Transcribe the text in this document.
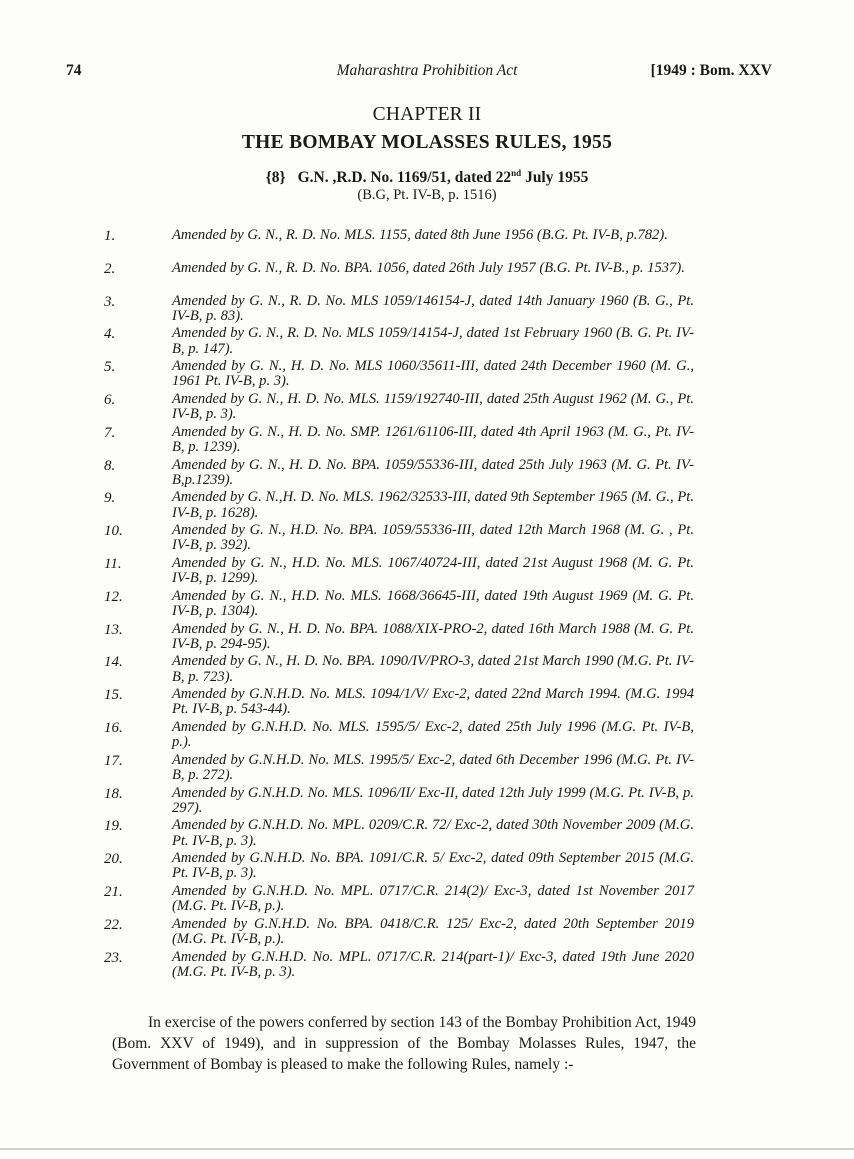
74	Maharashtra Prohibition Act	[1949 : Bom. XXV
CHAPTER II
THE BOMBAY MOLASSES RULES, 1955
{8} G.N. ,R.D. No. 1169/51, dated 22nd July 1955
(B.G, Pt. IV-B, p. 1516)
1.	Amended by G. N., R. D. No. MLS. 1155, dated 8th June 1956 (B.G. Pt. IV-B, p.782).
2.	Amended by G. N., R. D. No. BPA. 1056, dated 26th July 1957 (B.G. Pt. IV-B., p. 1537).
3.	Amended by G. N., R. D. No. MLS 1059/146154-J, dated 14th January 1960 (B. G., Pt. IV-B, p. 83).
4.	Amended by G. N., R. D. No. MLS 1059/14154-J, dated 1st February 1960 (B. G. Pt. IV-B, p. 147).
5.	Amended by G. N., H. D. No. MLS 1060/35611-III, dated 24th December 1960 (M. G., 1961 Pt. IV-B, p. 3).
6.	Amended by G. N., H. D. No. MLS. 1159/192740-III, dated 25th August 1962 (M. G., Pt. IV-B, p. 3).
7.	Amended by G. N., H. D. No. SMP. 1261/61106-III, dated 4th April 1963 (M. G., Pt. IV-B, p. 1239).
8.	Amended by G. N., H. D. No. BPA. 1059/55336-III, dated 25th July 1963 (M. G. Pt. IV-B,p.1239).
9.	Amended by G. N.,H. D. No. MLS. 1962/32533-III, dated 9th September 1965 (M. G., Pt. IV-B, p. 1628).
10.	Amended by G. N., H.D. No. BPA. 1059/55336-III, dated 12th March 1968 (M. G. , Pt. IV-B, p. 392).
11.	Amended by G. N., H.D. No. MLS. 1067/40724-III, dated 21st August 1968 (M. G. Pt. IV-B, p. 1299).
12.	Amended by G. N., H.D. No. MLS. 1668/36645-III, dated 19th August 1969 (M. G. Pt. IV-B, p. 1304).
13.	Amended by G. N., H. D. No. BPA. 1088/XIX-PRO-2, dated 16th March 1988 (M. G. Pt. IV-B, p. 294-95).
14.	Amended by G. N., H. D. No. BPA. 1090/IV/PRO-3, dated 21st March 1990 (M.G. Pt. IV-B, p. 723).
15.	Amended by G.N.H.D. No. MLS. 1094/1/V/ Exc-2, dated 22nd March 1994. (M.G. 1994 Pt. IV-B, p. 543-44).
16.	Amended by G.N.H.D. No. MLS. 1595/5/ Exc-2, dated 25th July 1996 (M.G. Pt. IV-B, p.).
17.	Amended by G.N.H.D. No. MLS. 1995/5/ Exc-2, dated 6th December 1996 (M.G. Pt. IV-B, p. 272).
18.	Amended by G.N.H.D. No. MLS. 1096/II/ Exc-II, dated 12th July 1999 (M.G. Pt. IV-B, p. 297).
19.	Amended by G.N.H.D. No. MPL. 0209/C.R. 72/ Exc-2, dated 30th November 2009 (M.G. Pt. IV-B, p. 3).
20.	Amended by G.N.H.D. No. BPA. 1091/C.R. 5/ Exc-2, dated 09th September 2015 (M.G. Pt. IV-B, p. 3).
21.	Amended by G.N.H.D. No. MPL. 0717/C.R. 214(2)/ Exc-3, dated 1st November 2017 (M.G. Pt. IV-B, p.).
22.	Amended by G.N.H.D. No. BPA. 0418/C.R. 125/ Exc-2, dated 20th September 2019 (M.G. Pt. IV-B, p.).
23.	Amended by G.N.H.D. No. MPL. 0717/C.R. 214(part-1)/ Exc-3, dated 19th June 2020 (M.G. Pt. IV-B, p. 3).

In exercise of the powers conferred by section 143 of the Bombay Prohibition Act, 1949 (Bom. XXV of 1949), and in suppression of the Bombay Molasses Rules, 1947, the Government of Bombay is pleased to make the following Rules, namely :-
